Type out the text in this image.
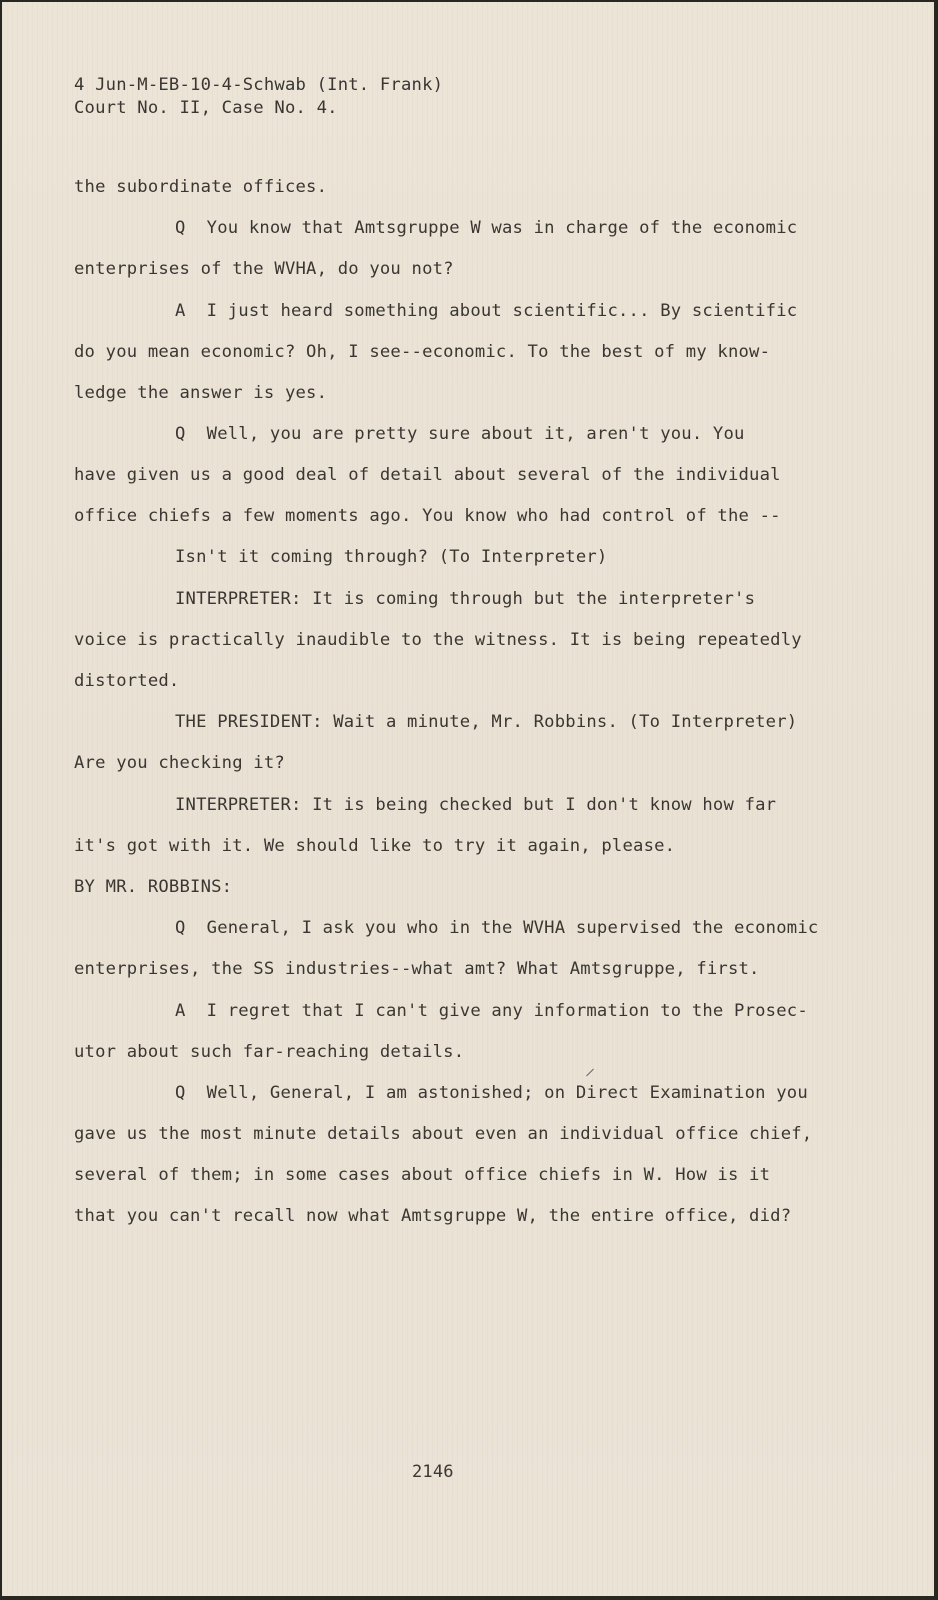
4 Jun-M-EB-10-4-Schwab (Int. Frank)
Court No. II, Case No. 4.
the subordinate offices.
Q  You know that Amtsgruppe W was in charge of the economic
enterprises of the WVHA, do you not?
A  I just heard something about scientific... By scientific
do you mean economic? Oh, I see--economic. To the best of my know-
ledge the answer is yes.
Q  Well, you are pretty sure about it, aren't you. You
have given us a good deal of detail about several of the individual
office chiefs a few moments ago. You know who had control of the --
Isn't it coming through? (To Interpreter)
INTERPRETER: It is coming through but the interpreter's
voice is practically inaudible to the witness. It is being repeatedly
distorted.
THE PRESIDENT: Wait a minute, Mr. Robbins. (To Interpreter)
Are you checking it?
INTERPRETER: It is being checked but I don't know how far
it's got with it. We should like to try it again, please.
BY MR. ROBBINS:
Q  General, I ask you who in the WVHA supervised the economic
enterprises, the SS industries--what amt? What Amtsgruppe, first.
A  I regret that I can't give any information to the Prosec-
utor about such far-reaching details.
Q  Well, General, I am astonished; on Direct Examination you
gave us the most minute details about even an individual office chief,
several of them; in some cases about office chiefs in W. How is it
that you can't recall now what Amtsgruppe W, the entire office, did?
2146
